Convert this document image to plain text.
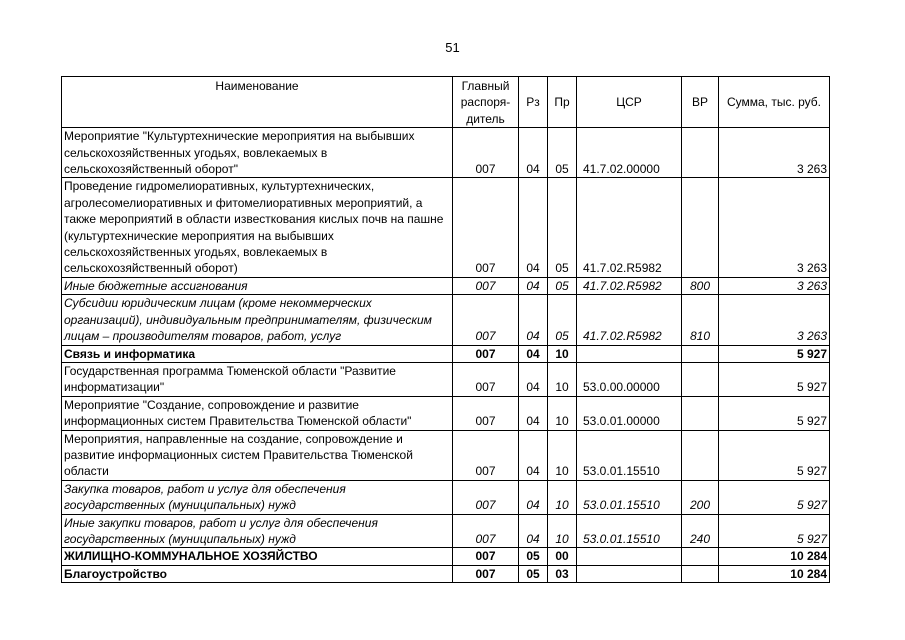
51
Наименование	Главный распоря-дитель	Рз	Пр	ЦСР	ВР	Сумма, тыс. руб.
Мероприятие "Культуртехнические мероприятия на выбывших сельскохозяйственных угодьях, вовлекаемых в сельскохозяйственный оборот"	007	04	05	41.7.02.00000		3 263
Проведение гидромелиоративных, культуртехнических, агролесомелиоративных и фитомелиоративных мероприятий, а также мероприятий в области известкования кислых почв на пашне (культуртехнические мероприятия на выбывших сельскохозяйственных угодьях, вовлекаемых в сельскохозяйственный оборот)	007	04	05	41.7.02.R5982		3 263
Иные бюджетные ассигнования	007	04	05	41.7.02.R5982	800	3 263
Субсидии юридическим лицам (кроме некоммерческих организаций), индивидуальным предпринимателям, физическим лицам – производителям товаров, работ, услуг	007	04	05	41.7.02.R5982	810	3 263
Связь и информатика	007	04	10			5 927
Государственная программа Тюменской области "Развитие информатизации"	007	04	10	53.0.00.00000		5 927
Мероприятие "Создание, сопровождение и развитие информационных систем Правительства Тюменской области"	007	04	10	53.0.01.00000		5 927
Мероприятия, направленные на создание, сопровождение и развитие информационных систем Правительства Тюменской области	007	04	10	53.0.01.15510		5 927
Закупка товаров, работ и услуг для обеспечения государственных (муниципальных) нужд	007	04	10	53.0.01.15510	200	5 927
Иные закупки товаров, работ и услуг для обеспечения государственных (муниципальных) нужд	007	04	10	53.0.01.15510	240	5 927
ЖИЛИЩНО-КОММУНАЛЬНОЕ ХОЗЯЙСТВО	007	05	00			10 284
Благоустройство	007	05	03			10 284
